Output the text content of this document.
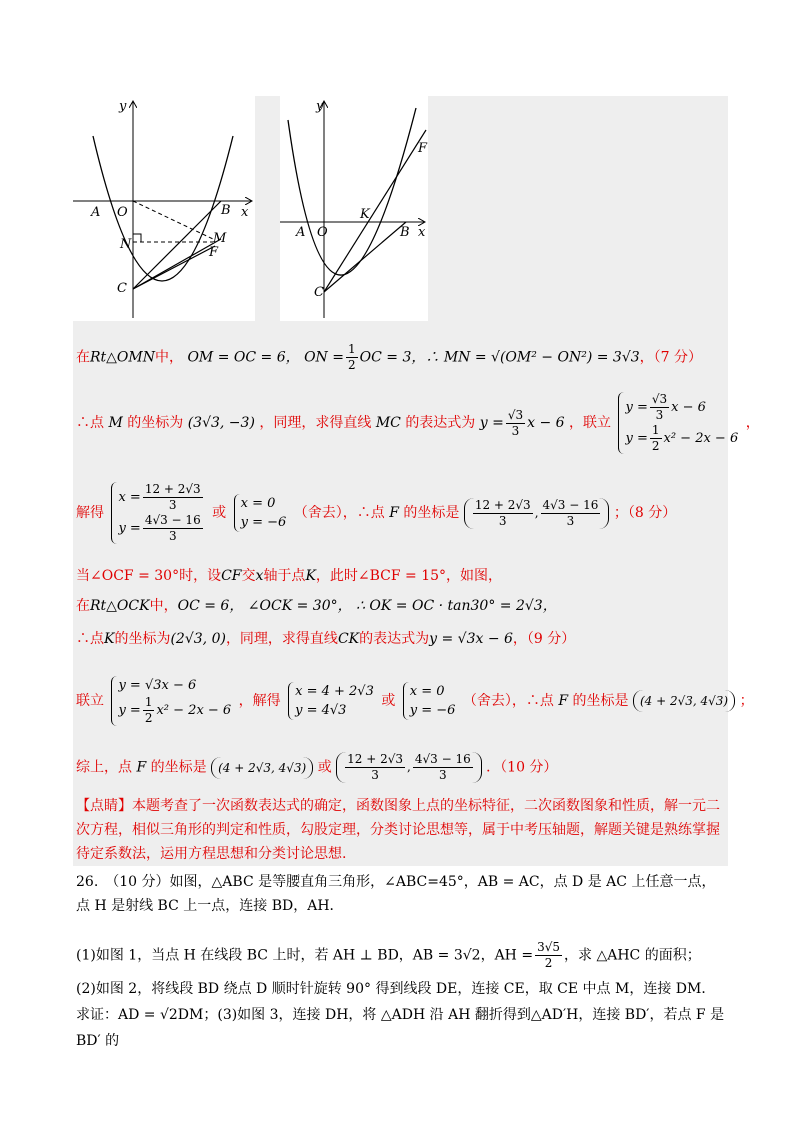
y
x
A O	B
N	M
F
C
y
x
A O	B
K
F
C
在Rt△OMN中， OM = OC = 6， ON = $\frac{1}{2}$ OC = 3，∴ MN = √(OM² − ON²) = 3√3，（7 分）
∴点 M 的坐标为 (3√3, −3) ，同理，求得直线 MC 的表达式为 $y = \frac{√3}{3}$ x − 6 ，联立
$y = \frac{√3}{3}$ x − 6
$y = \frac{1}{2} x^2 - 2x - 6$
，
解得
$x = \frac{12 + 2√3}{3}$
$y = \frac{4√3 - 16}{3}$ 或
x = 0
y = −6
（舍去），∴点 F 的坐标是 $\frac{12 + 2√3}{3}$ , $\frac{4√3 - 16}{3}$ ；（8 分）
当∠OCF = 30°时，设CF交x轴于点K，此时∠BCF = 15°，如图，
在Rt△OCK中，OC = 6， ∠OCK = 30°， ∴ OK = OC · tan30° = 2√3，
∴点K的坐标为(2√3, 0)，同理，求得直线CK的表达式为y = √3x − 6，（9 分）
联立
y = √3x − 6
$y = \frac{1}{2} x^2 - 2x - 6$
，解得
x = 4 + 2√3
y = 4√3
或
x = 0
y = −6
（舍去），∴点 F 的坐标是 (4 + 2√3, 4√3) ；
综上，点 F 的坐标是 (4 + 2√3, 4√3) 或 $\frac{12 + 2√3}{3}$ , $\frac{4√3 - 16}{3}$ ．（10 分）
【点睛】本题考查了一次函数表达式的确定，函数图象上点的坐标特征，二次函数图象和性质，解一元二次方程，相似三角形的判定和性质，勾股定理，分类讨论思想等，属于中考压轴题，解题关键是熟练掌握待定系数法，运用方程思想和分类讨论思想.
26.　（10 分）如图，△ABC 是等腰直角三角形，∠ABC=45°，AB = AC，点 D 是 AC 上任意一点，点 H 是射线 BC 上一点，连接 BD，AH．
(1)如图 1，当点 H 在线段 BC 上时，若 AH ⊥ BD，AB = 3√2，AH = $\frac{3√5}{2}$ ，求 △AHC 的面积；
(2)如图 2，将线段 BD 绕点 D 顺时针旋转 90° 得到线段 DE，连接 CE，取 CE 中点 M，连接 DM．求证：AD = √2DM；(3)如图 3，连接 DH，将 △ADH 沿 AH 翻折得到△AD′H，连接 BD′，若点 F 是 BD′ 的
